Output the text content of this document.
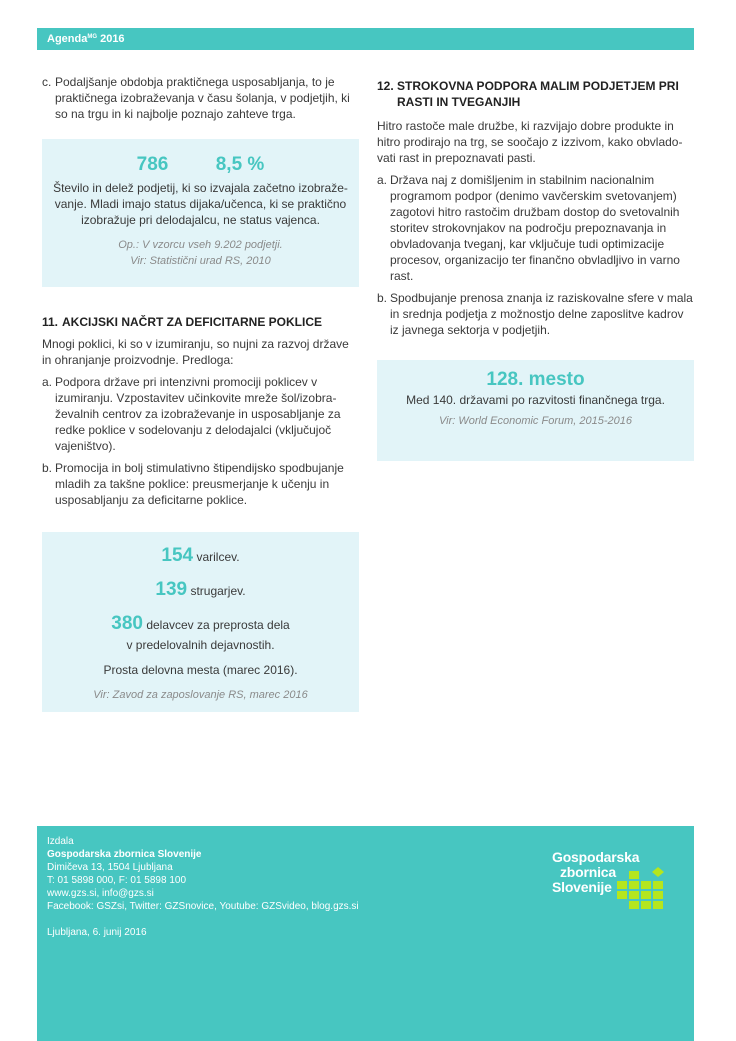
Agenda$^{MG}$ 2016
c. Podaljšanje obdobja praktičnega usposabljanja, to je praktičnega izobraževanja v času šolanja, v podjetjih, ki so na trgu in ki najbolje poznajo zahteve trga.

786 8,5 %

Število in delež podjetij, ki so izvajala začetno izobraževanje. Mladi imajo status dijaka/učenca, ki se praktično izobražuje pri delodajalcu, ne status vajenca.

Op.: V vzorcu vseh 9.202 podjetji.

Vir: Statistični urad RS, 2010

11. AKCIJSKI NAČRT ZA DEFICITARNE POKLICE

Mnogi poklici, ki so v izumiranju, so nujni za razvoj države in ohranjanje proizvodnje. Predloga:

a. Podpora države pri intenzivni promociji poklicev v izumiranju. Vzpostavitev učinkovite mreže šol/izobraževalnih centrov za izobraževanje in usposabljanje za redke poklice v sodelovanju z delodajalci (vključujoč vajeništvo).

b. Promocija in bolj stimulativno štipendijsko spodbujanje mladih za takšne poklice: preusmerjanje k učenju in usposabljanju za deficitarne poklice.

154 varilcev.
139 strugarjev.
380 delavcev za preprosta dela

v predelovalnih dejavnostih.

Prosta delovna mesta (marec 2016).

Vir: Zavod za zaposlovanje RS, marec 2016

12. STROKOVNA PODPORA MALIM PODJETJEM PRI RASTI IN TVEGANJIH

Hitro rastoče male družbe, ki razvijajo dobre produkte in hitro prodirajo na trg, se soočajo z izzivom, kako obvladovati rast in prepoznavati pasti.

a. Država naj z domišljenim in stabilnim nacionalnim programom podpor (denimo vavčerskim svetovanjem) zagotovi hitro rastočim družbam dostop do svetovalnih storitev strokovnjakov na področju prepoznavanja in obvladovanja tveganj, kar vključuje tudi optimizacije procesov, organizacijo ter finančno obvladljivo in varno rast.

b. Spodbujanje prenosa znanja iz raziskovalne sfere v mala in srednja podjetja z možnostjo delne zaposlitve kadrov iz javnega sektorja v podjetjih.

128. mesto

Med 140. državami po razvitosti finančnega trga.

Vir: World Economic Forum, 2015-2016

Izdala
Gospodarska zbornica Slovenije
Dimičeva 13, 1504 Ljubljana
T: 01 5898 000, F: 01 5898 100
www.gzs.si, info@gzs.si
Facebook: GSZsi, Twitter: GZSnovice, Youtube: GZSvideo, blog.gzs.si
Ljubljana, 6. junij 2016
Gospodarska
zbornica
Slovenije
